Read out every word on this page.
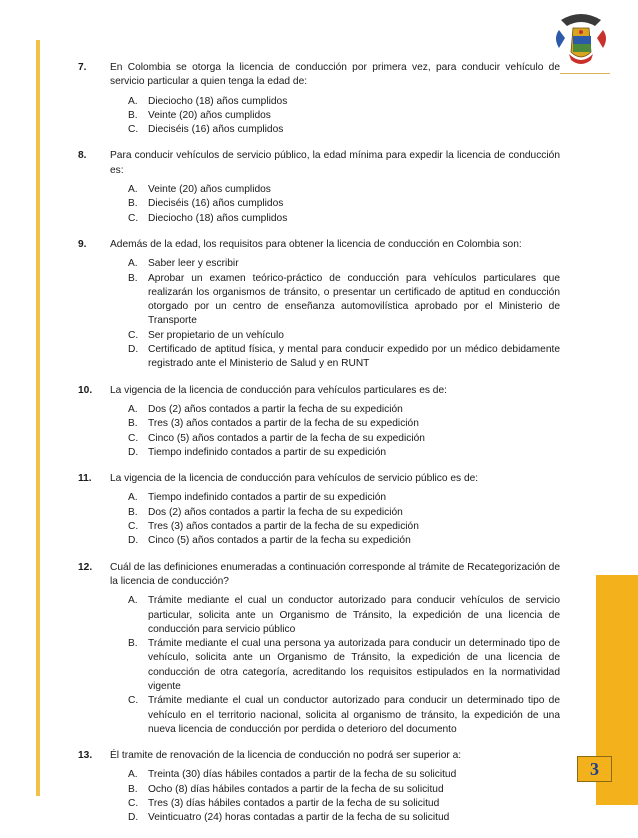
7. En Colombia se otorga la licencia de conducción por primera vez, para conducir vehículo de servicio particular a quien tenga la edad de:
A. Dieciocho (18) años cumplidos
B. Veinte (20) años cumplidos
C. Dieciséis (16) años cumplidos
8. Para conducir vehículos de servicio público, la edad mínima para expedir la licencia de conducción es:
A. Veinte (20) años cumplidos
B. Dieciséis (16) años cumplidos
C. Dieciocho (18) años cumplidos
9. Además de la edad, los requisitos para obtener la licencia de conducción en Colombia son:
A. Saber leer y escribir
B. Aprobar un examen teórico-práctico de conducción para vehículos particulares que realizarán los organismos de tránsito, o presentar un certificado de aptitud en conducción otorgado por un centro de enseñanza automovilística aprobado por el Ministerio de Transporte
C. Ser propietario de un vehículo
D. Certificado de aptitud física, y mental para conducir expedido por un médico debidamente registrado ante el Ministerio de Salud y en RUNT
10. La vigencia de la licencia de conducción para vehículos particulares es de:
A. Dos (2) años contados a partir la fecha de su expedición
B. Tres (3) años contados a partir de la fecha de su expedición
C. Cinco (5) años contados a partir de la fecha de su expedición
D. Tiempo indefinido contados a partir de su expedición
11. La vigencia de la licencia de conducción para vehículos de servicio público es de:
A. Tiempo indefinido contados a partir de su expedición
B. Dos (2) años contados a partir la fecha de su expedición
C. Tres (3) años contados a partir de la fecha de su expedición
D. Cinco (5) años contados a partir de la fecha su expedición
12. Cuál de las definiciones enumeradas a continuación corresponde al trámite de Recategorización de la licencia de conducción?
A. Trámite mediante el cual un conductor autorizado para conducir vehículos de servicio particular, solicita ante un Organismo de Tránsito, la expedición de una licencia de conducción para servicio público
B. Trámite mediante el cual una persona ya autorizada para conducir un determinado tipo de vehículo, solicita ante un Organismo de Tránsito, la expedición de una licencia de conducción de otra categoría, acreditando los requisitos estipulados en la normatividad vigente
C. Trámite mediante el cual un conductor autorizado para conducir un determinado tipo de vehículo en el territorio nacional, solicita al organismo de tránsito, la expedición de una nueva licencia de conducción por perdida o deterioro del documento
13. Él tramite de renovación de la licencia de conducción no podrá ser superior a:
A. Treinta (30) días hábiles contados a partir de la fecha de su solicitud
B. Ocho (8) días hábiles contados a partir de la fecha de su solicitud
C. Tres (3) días hábiles contados a partir de la fecha de su solicitud
D. Veinticuatro (24) horas contadas a partir de la fecha de su solicitud
3
